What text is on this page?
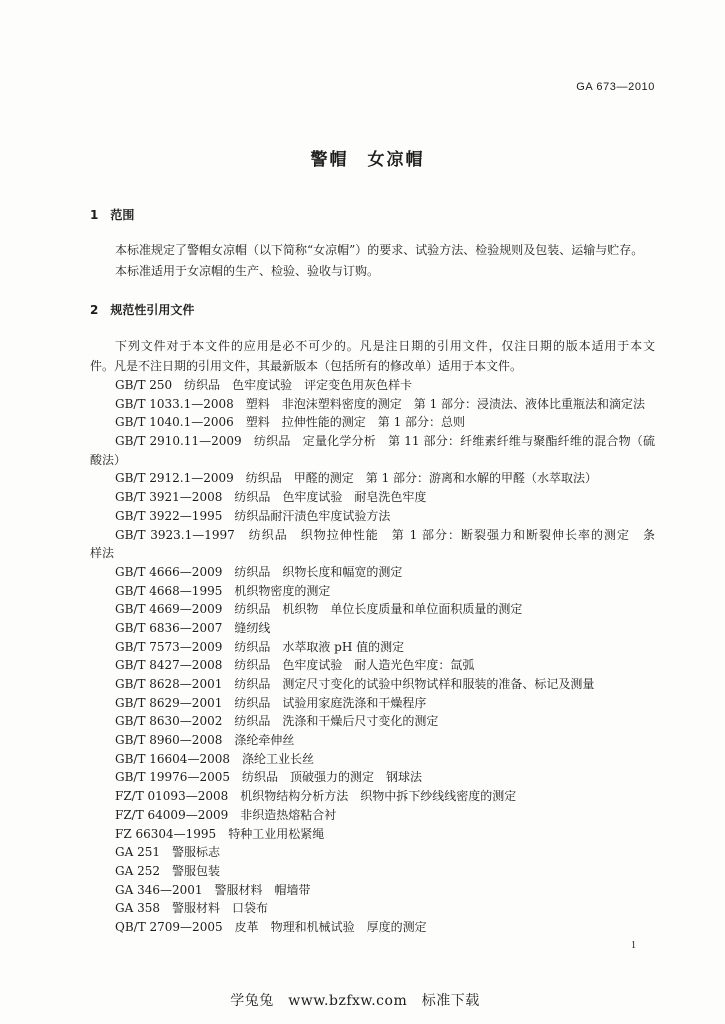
GA 673—2010
警帽　女凉帽
1　范围
本标准规定了警帽女凉帽（以下简称“女凉帽”）的要求、试验方法、检验规则及包装、运输与贮存。
本标准适用于女凉帽的生产、检验、验收与订购。
2　规范性引用文件
下列文件对于本文件的应用是必不可少的。凡是注日期的引用文件，仅注日期的版本适用于本文
件。凡是不注日期的引用文件，其最新版本（包括所有的修改单）适用于本文件。
GB/T 250　纺织品　色牢度试验　评定变色用灰色样卡
GB/T 1033.1—2008　塑料　非泡沫塑料密度的测定　第 1 部分：浸渍法、液体比重瓶法和滴定法
GB/T 1040.1—2006　塑料　拉伸性能的测定　第 1 部分：总则
GB/T 2910.11—2009　纺织品　定量化学分析　第 11 部分：纤维素纤维与聚酯纤维的混合物（硫
酸法）
GB/T 2912.1—2009　纺织品　甲醛的测定　第 1 部分：游离和水解的甲醛（水萃取法）
GB/T 3921—2008　纺织品　色牢度试验　耐皂洗色牢度
GB/T 3922—1995　纺织品耐汗渍色牢度试验方法
GB/T 3923.1—1997　纺织品　织物拉伸性能　第 1 部分：断裂强力和断裂伸长率的测定　条
样法
GB/T 4666—2009　纺织品　织物长度和幅宽的测定
GB/T 4668—1995　机织物密度的测定
GB/T 4669—2009　纺织品　机织物　单位长度质量和单位面积质量的测定
GB/T 6836—2007　缝纫线
GB/T 7573—2009　纺织品　水萃取液 pH 值的测定
GB/T 8427—2008　纺织品　色牢度试验　耐人造光色牢度：氙弧
GB/T 8628—2001　纺织品　测定尺寸变化的试验中织物试样和服装的准备、标记及测量
GB/T 8629—2001　纺织品　试验用家庭洗涤和干燥程序
GB/T 8630—2002　纺织品　洗涤和干燥后尺寸变化的测定
GB/T 8960—2008　涤纶牵伸丝
GB/T 16604—2008　涤纶工业长丝
GB/T 19976—2005　纺织品　顶破强力的测定　钢球法
FZ/T 01093—2008　机织物结构分析方法　织物中拆下纱线线密度的测定
FZ/T 64009—2009　非织造热熔粘合衬
FZ 66304—1995　特种工业用松紧绳
GA 251　警服标志
GA 252　警服包装
GA 346—2001　警服材料　帽墙带
GA 358　警服材料　口袋布
QB/T 2709—2005　皮革　物理和机械试验　厚度的测定
1
学兔兔　www.bzfxw.com　标准下载
